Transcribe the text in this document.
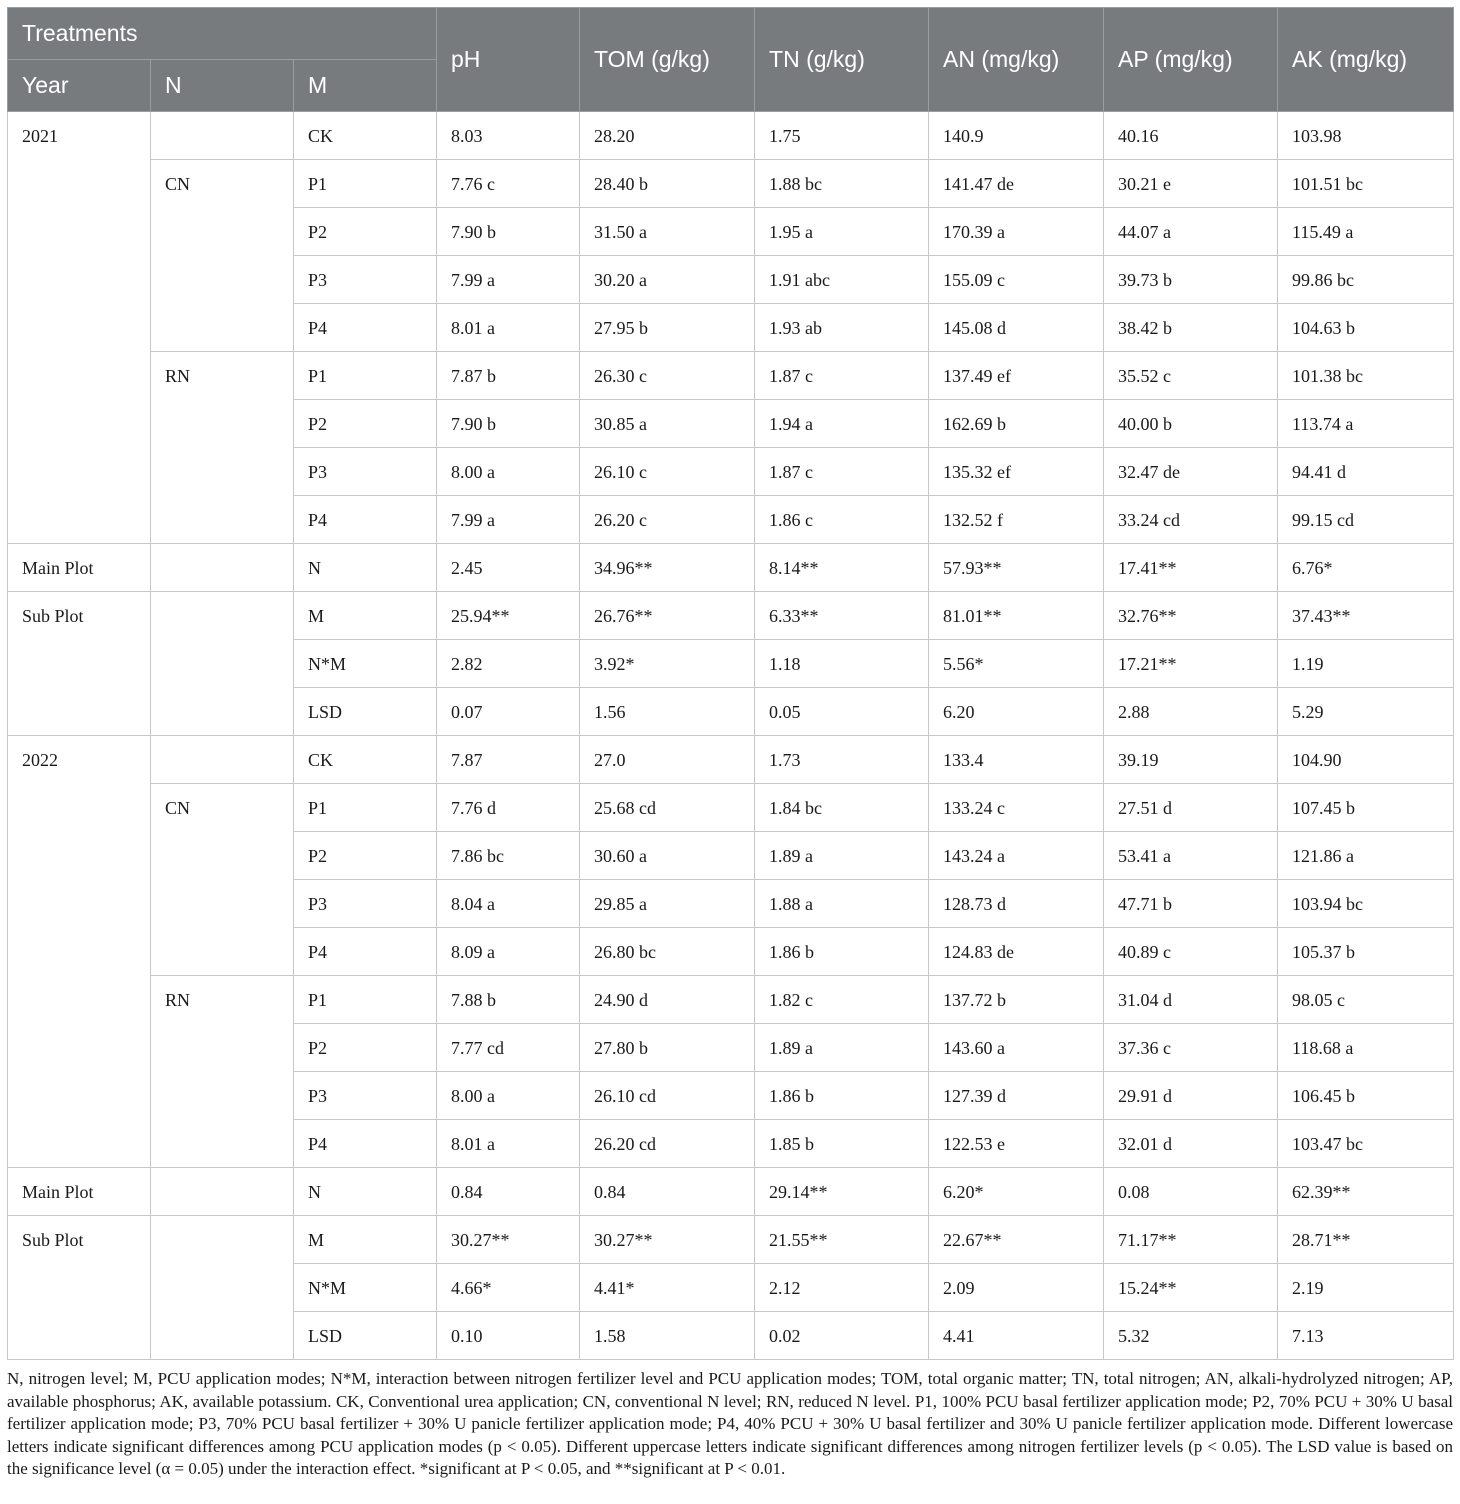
Treatments			pH	TOM (g/kg)	TN (g/kg)	AN (mg/kg)	AP (mg/kg)	AK (mg/kg)
Year	N	M						
2021		CK	8.03	28.20	1.75	140.9	40.16	103.98
	CN	P1	7.76 c	28.40 b	1.88 bc	141.47 de	30.21 e	101.51 bc
		P2	7.90 b	31.50 a	1.95 a	170.39 a	44.07 a	115.49 a
		P3	7.99 a	30.20 a	1.91 abc	155.09 c	39.73 b	99.86 bc
		P4	8.01 a	27.95 b	1.93 ab	145.08 d	38.42 b	104.63 b
	RN	P1	7.87 b	26.30 c	1.87 c	137.49 ef	35.52 c	101.38 bc
		P2	7.90 b	30.85 a	1.94 a	162.69 b	40.00 b	113.74 a
		P3	8.00 a	26.10 c	1.87 c	135.32 ef	32.47 de	94.41 d
		P4	7.99 a	26.20 c	1.86 c	132.52 f	33.24 cd	99.15 cd
Main Plot		N	2.45	34.96**	8.14**	57.93**	17.41**	6.76*
Sub Plot		M	25.94**	26.76**	6.33**	81.01**	32.76**	37.43**
		N*M	2.82	3.92*	1.18	5.56*	17.21**	1.19
		LSD	0.07	1.56	0.05	6.20	2.88	5.29
2022		CK	7.87	27.0	1.73	133.4	39.19	104.90
	CN	P1	7.76 d	25.68 cd	1.84 bc	133.24 c	27.51 d	107.45 b
		P2	7.86 bc	30.60 a	1.89 a	143.24 a	53.41 a	121.86 a
		P3	8.04 a	29.85 a	1.88 a	128.73 d	47.71 b	103.94 bc
		P4	8.09 a	26.80 bc	1.86 b	124.83 de	40.89 c	105.37 b
	RN	P1	7.88 b	24.90 d	1.82 c	137.72 b	31.04 d	98.05 c
		P2	7.77 cd	27.80 b	1.89 a	143.60 a	37.36 c	118.68 a
		P3	8.00 a	26.10 cd	1.86 b	127.39 d	29.91 d	106.45 b
		P4	8.01 a	26.20 cd	1.85 b	122.53 e	32.01 d	103.47 bc
Main Plot		N	0.84	0.84	29.14**	6.20*	0.08	62.39**
Sub Plot		M	30.27**	30.27**	21.55**	22.67**	71.17**	28.71**
		N*M	4.66*	4.41*	2.12	2.09	15.24**	2.19
		LSD	0.10	1.58	0.02	4.41	5.32	7.13
N, nitrogen level; M, PCU application modes; N*M, interaction between nitrogen fertilizer level and PCU application modes; TOM, total organic matter; TN, total nitrogen; AN, alkali-hydrolyzed nitrogen; AP, available phosphorus; AK, available potassium. CK, Conventional urea application; CN, conventional N level; RN, reduced N level. P1, 100% PCU basal fertilizer application mode; P2, 70% PCU + 30% U basal fertilizer application mode; P3, 70% PCU basal fertilizer + 30% U panicle fertilizer application mode; P4, 40% PCU + 30% U basal fertilizer and 30% U panicle fertilizer application mode. Different lowercase letters indicate significant differences among PCU application modes (p < 0.05). Different uppercase letters indicate significant differences among nitrogen fertilizer levels (p < 0.05). The LSD value is based on the significance level (α = 0.05) under the interaction effect. *significant at P < 0.05, and **significant at P < 0.01.
